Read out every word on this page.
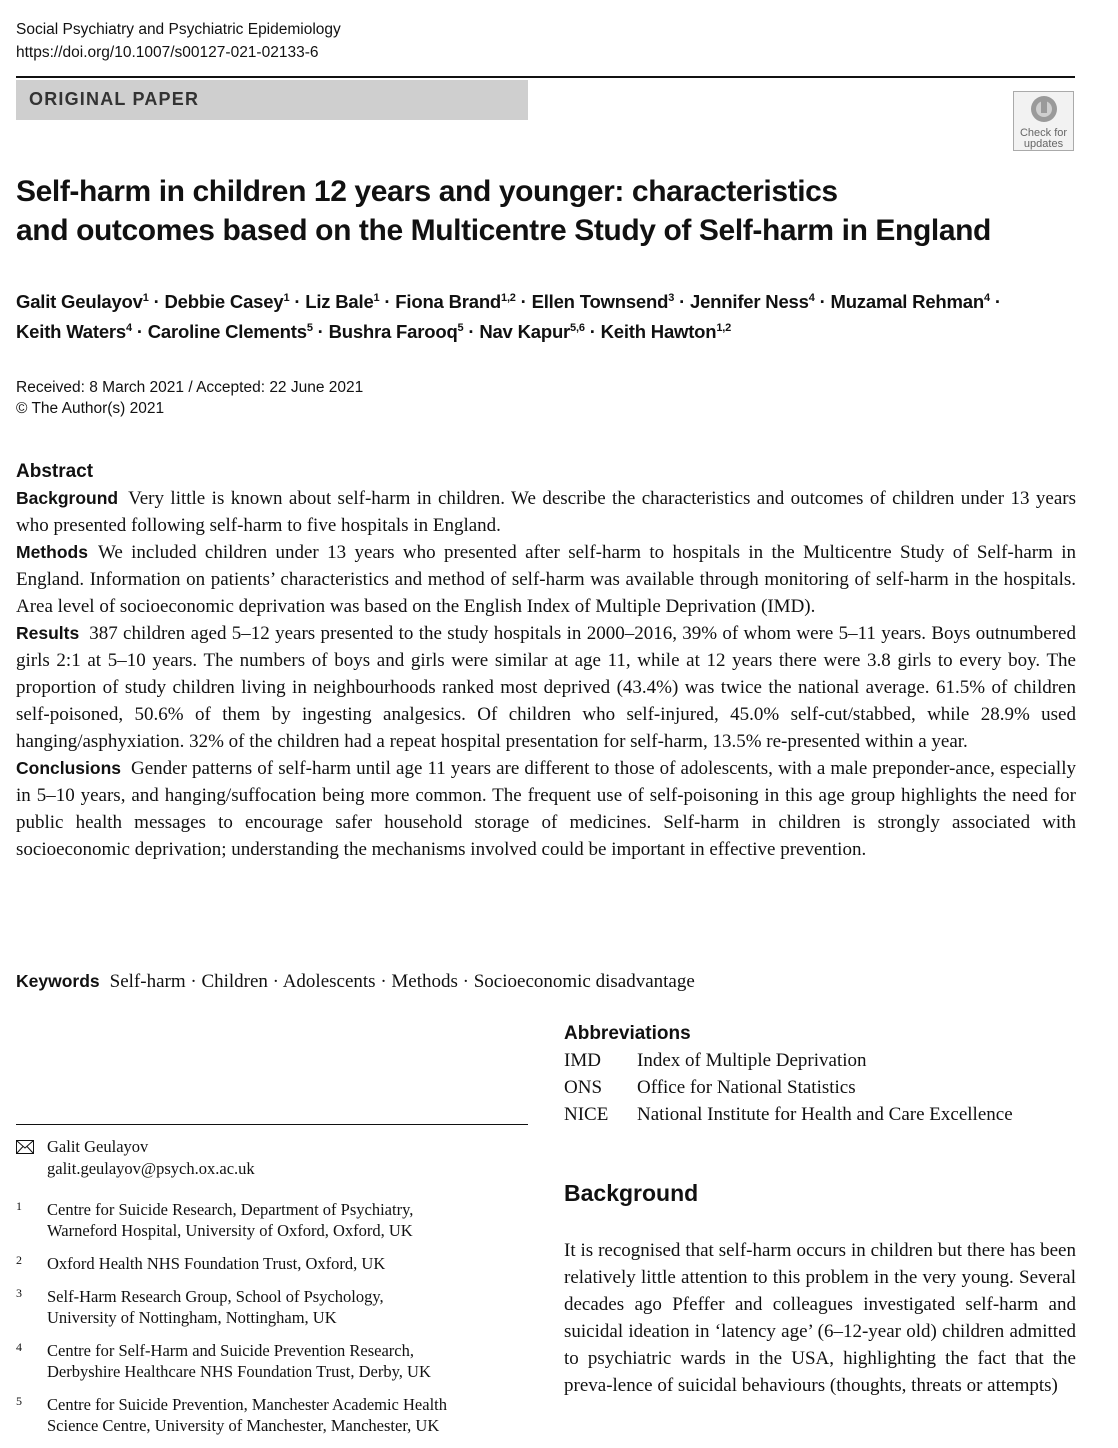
Social Psychiatry and Psychiatric Epidemiology
https://doi.org/10.1007/s00127-021-02133-6
ORIGINAL PAPER
Check for
updates
Self-harm in children 12 years and younger: characteristics
and outcomes based on the Multicentre Study of Self-harm in England
Galit Geulayov$^1$ · Debbie Casey$^1$ · Liz Bale$^1$ · Fiona Brand$^{1,2}$ · Ellen Townsend$^3$ · Jennifer Ness$^4$ · Muzamal Rehman$^4$ ·
Keith Waters$^4$ · Caroline Clements$^5$ · Bushra Farooq$^5$ · Nav Kapur$^{5,6}$ · Keith Hawton$^{1,2}$
Received: 8 March 2021 / Accepted: 22 June 2021
© The Author(s) 2021
Abstract

Background Very little is known about self-harm in children. We describe the characteristics and outcomes of children under 13 years who presented following self-harm to five hospitals in England.

Methods We included children under 13 years who presented after self-harm to hospitals in the Multicentre Study of Self-harm in England. Information on patients’ characteristics and method of self-harm was available through monitoring of self-harm in the hospitals. Area level of socioeconomic deprivation was based on the English Index of Multiple Deprivation (IMD).

Results 387 children aged 5–12 years presented to the study hospitals in 2000–2016, 39% of whom were 5–11 years. Boys outnumbered girls 2:1 at 5–10 years. The numbers of boys and girls were similar at age 11, while at 12 years there were 3.8 girls to every boy. The proportion of study children living in neighbourhoods ranked most deprived (43.4%) was twice the national average. 61.5% of children self-poisoned, 50.6% of them by ingesting analgesics. Of children who self-injured, 45.0% self-cut/stabbed, while 28.9% used hanging/asphyxiation. 32% of the children had a repeat hospital presentation for self-harm, 13.5% re-presented within a year.

Conclusions Gender patterns of self-harm until age 11 years are different to those of adolescents, with a male preponder-ance, especially in 5–10 years, and hanging/suffocation being more common. The frequent use of self-poisoning in this age group highlights the need for public health messages to encourage safer household storage of medicines. Self-harm in children is strongly associated with socioeconomic deprivation; understanding the mechanisms involved could be important in effective prevention.

Keywords Self-harm · Children · Adolescents · Methods · Socioeconomic disadvantage
Galit Geulayov
galit.geulayov@psych.ox.ac.uk
1 Centre for Suicide Research, Department of Psychiatry,
Warneford Hospital, University of Oxford, Oxford, UK
2 Oxford Health NHS Foundation Trust, Oxford, UK
3 Self-Harm Research Group, School of Psychology,
University of Nottingham, Nottingham, UK
4 Centre for Self-Harm and Suicide Prevention Research,
Derbyshire Healthcare NHS Foundation Trust, Derby, UK
5 Centre for Suicide Prevention, Manchester Academic Health
Science Centre, University of Manchester, Manchester, UK
Abbreviations
IMD	Index of Multiple Deprivation
ONS	Office for National Statistics
NICE	National Institute for Health and Care Excellence
Background

It is recognised that self-harm occurs in children but there has been relatively little attention to this problem in the very young. Several decades ago Pfeffer and colleagues investigated self-harm and suicidal ideation in ‘latency age’ (6–12-year old) children admitted to psychiatric wards in the USA, highlighting the fact that the preva-lence of suicidal behaviours (thoughts, threats or attempts)
